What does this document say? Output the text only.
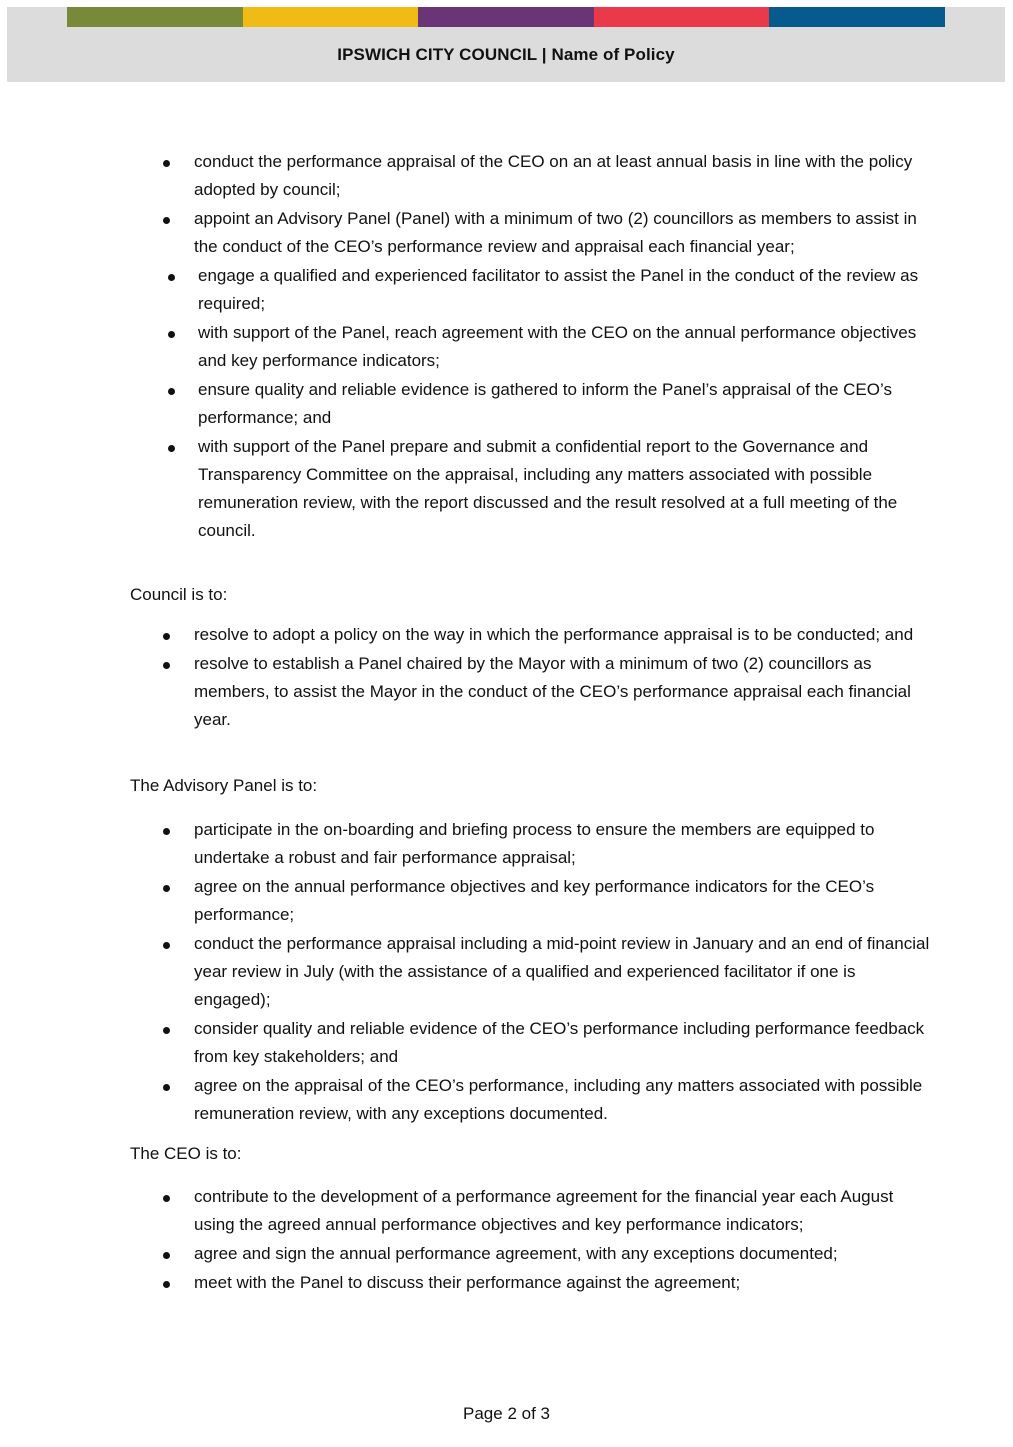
IPSWICH CITY COUNCIL | Name of Policy
conduct the performance appraisal of the CEO on an at least annual basis in line with the policy adopted by council;
appoint an Advisory Panel (Panel) with a minimum of two (2) councillors as members to assist in the conduct of the CEO’s performance review and appraisal each financial year;
engage a qualified and experienced facilitator to assist the Panel in the conduct of the review as required;
with support of the Panel, reach agreement with the CEO on the annual performance objectives and key performance indicators;
ensure quality and reliable evidence is gathered to inform the Panel’s appraisal of the CEO’s performance; and
with support of the Panel prepare and submit a confidential report to the Governance and Transparency Committee on the appraisal, including any matters associated with possible remuneration review, with the report discussed and the result resolved at a full meeting of the council.

Council is to:

resolve to adopt a policy on the way in which the performance appraisal is to be conducted; and
resolve to establish a Panel chaired by the Mayor with a minimum of two (2) councillors as members, to assist the Mayor in the conduct of the CEO’s performance appraisal each financial year.

The Advisory Panel is to:

participate in the on-boarding and briefing process to ensure the members are equipped to undertake a robust and fair performance appraisal;
agree on the annual performance objectives and key performance indicators for the CEO’s performance;
conduct the performance appraisal including a mid-point review in January and an end of financial year review in July (with the assistance of a qualified and experienced facilitator if one is engaged);
consider quality and reliable evidence of the CEO’s performance including performance feedback from key stakeholders; and
agree on the appraisal of the CEO’s performance, including any matters associated with possible remuneration review, with any exceptions documented.

The CEO is to:

contribute to the development of a performance agreement for the financial year each August using the agreed annual performance objectives and key performance indicators;
agree and sign the annual performance agreement, with any exceptions documented;
meet with the Panel to discuss their performance against the agreement;
Page 2 of 3
